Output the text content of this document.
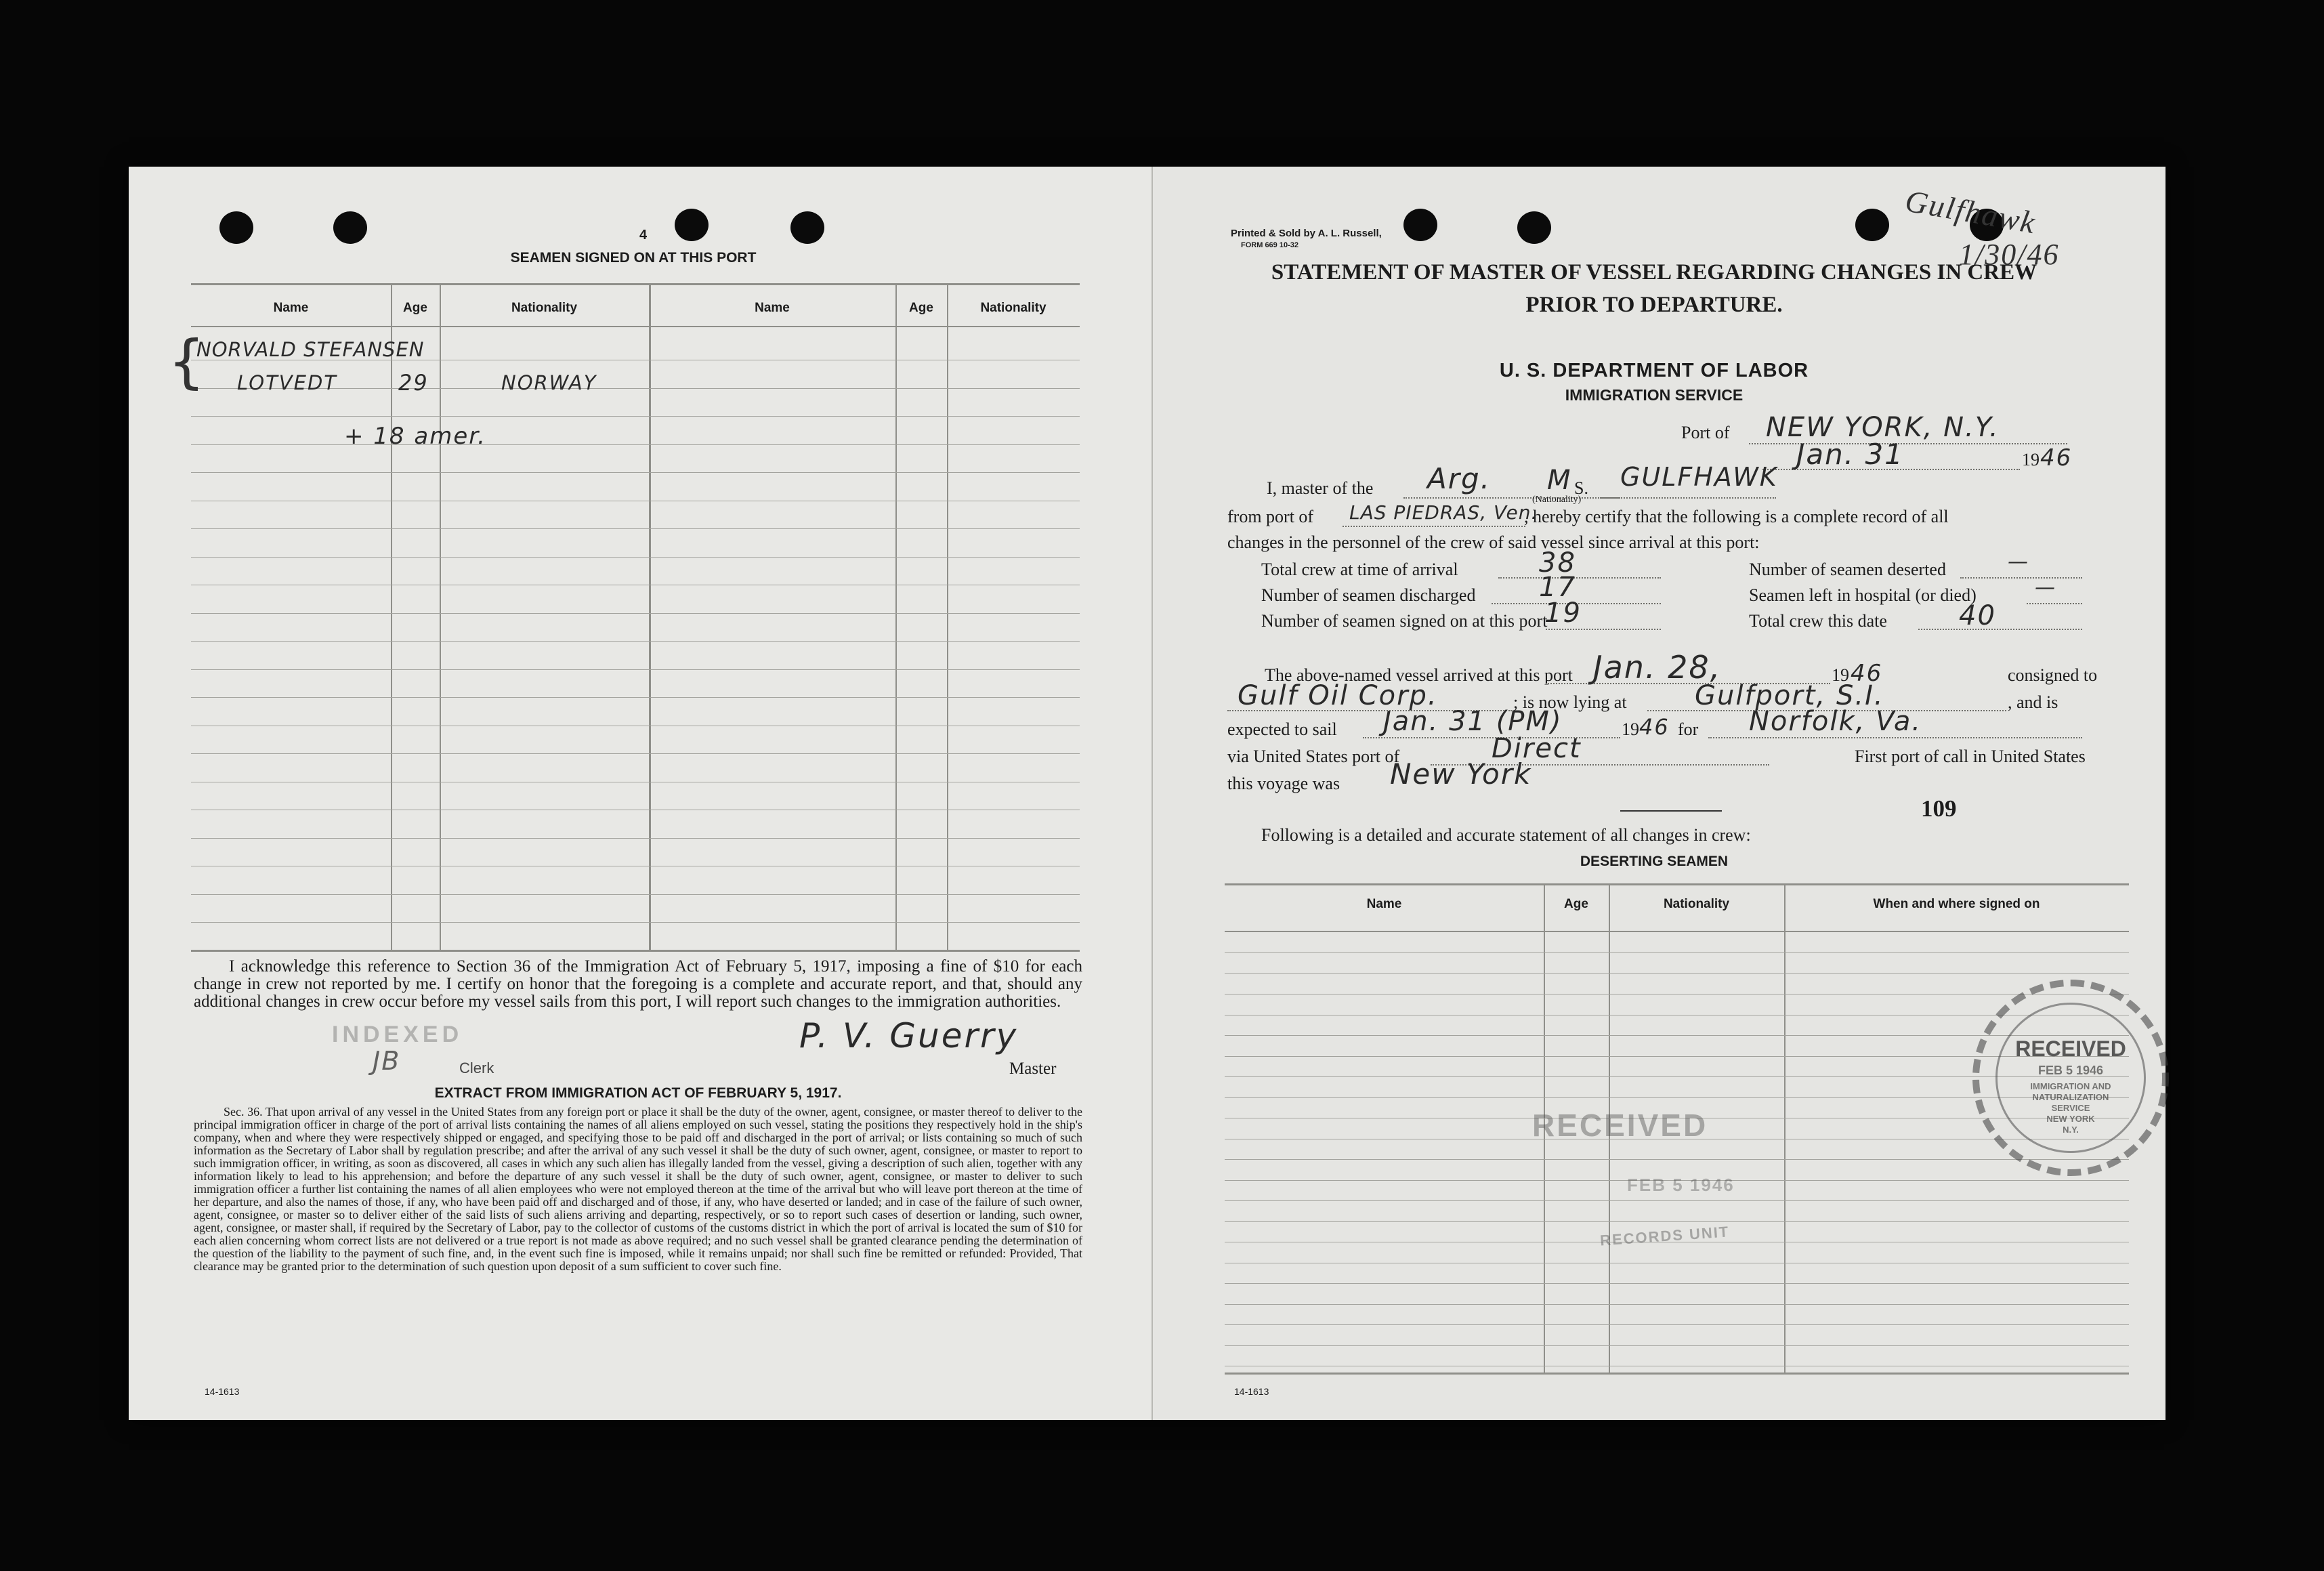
4
SEAMEN SIGNED ON AT THIS PORT
Name	Age	Nationality	Name	Age	Nationality
{
NORVALD STEFANSEN
LOTVEDT	29	NORWAY
+ 18 amer.
I acknowledge this reference to Section 36 of the Immigration Act of February 5, 1917, imposing a fine of $10 for each change in crew not reported by me. I certify on honor that the foregoing is a complete and accurate report, and that, should any additional changes in crew occur before my vessel sails from this port, I will report such changes to the immigration authorities.
P. V. Guerry
Master
INDEXED
JB	Clerk
EXTRACT FROM IMMIGRATION ACT OF FEBRUARY 5, 1917.
Sec. 36. That upon arrival of any vessel in the United States from any foreign port or place it shall be the duty of the owner, agent, consignee, or master thereof to deliver to the principal immigration officer in charge of the port of arrival lists containing the names of all aliens employed on such vessel, stating the positions they respectively hold in the ship's company, when and where they were respectively shipped or engaged, and specifying those to be paid off and discharged in the port of arrival; or lists containing so much of such information as the Secretary of Labor shall by regulation prescribe; and after the arrival of any such vessel it shall be the duty of such owner, agent, consignee, or master to report to such immigration officer, in writing, as soon as discovered, all cases in which any such alien has illegally landed from the vessel, giving a description of such alien, together with any information likely to lead to his apprehension; and before the departure of any such vessel it shall be the duty of such owner, agent, consignee, or master to deliver to such immigration officer a further list containing the names of all alien employees who were not employed thereon at the time of the arrival but who will leave port thereon at the time of her departure, and also the names of those, if any, who have been paid off and discharged and of those, if any, who have deserted or landed; and in case of the failure of such owner, agent, consignee, or master so to deliver either of the said lists of such aliens arriving and departing, respectively, or so to report such cases of desertion or landing, such owner, agent, consignee, or master shall, if required by the Secretary of Labor, pay to the collector of customs of the customs district in which the port of arrival is located the sum of $10 for each alien concerning whom correct lists are not delivered or a true report is not made as above required; and no such vessel shall be granted clearance pending the determination of the question of the liability to the payment of such fine, and, in the event such fine is imposed, while it remains unpaid; nor shall such fine be remitted or refunded: Provided, That clearance may be granted prior to the determination of such question upon deposit of a sum sufficient to cover such fine.
14-1613
Printed & Sold by A. L. Russell,
FORM 669 10-32
Gulfhawk
1/30/46
STATEMENT OF MASTER OF VESSEL REGARDING CHANGES IN CREW
PRIOR TO DEPARTURE.
U. S. DEPARTMENT OF LABOR
IMMIGRATION SERVICE
Port of NEW YORK, N.Y.
Jan. 31	19 46
I, master of the Arg.
(Nationality)
M S. GULFHAWK
from port of LAS PIEDRAS, Ven.
, hereby certify that the following is a complete record of all
changes in the personnel of the crew of said vessel since arrival at this port:
Total crew at time of arrival	38
Number of seamen discharged 17
Number of seamen signed on at this port
19
Number of seamen deserted	—
Seamen left in hospital (or died)	—
Total crew this date	40
The above-named vessel arrived at this port Jan. 28,	19 46	consigned to
Gulf Oil Corp.	; is now lying at	Gulfport, S.I.	, and is
expected to sail Jan. 31 (PM)	19 46 for Norfolk, Va.
via United States port of	Direct	First port of call in United States
this voyage was New York
109
Following is a detailed and accurate statement of all changes in crew:
DESERTING SEAMEN
Name	Age	Nationality	When and where signed on
RECEIVED
FEB 5 1946
RECORDS UNIT
RECEIVED
FEB 5 1946
IMMIGRATION AND
NATURALIZATION
SERVICE
NEW YORK
N.Y.
14-1613
